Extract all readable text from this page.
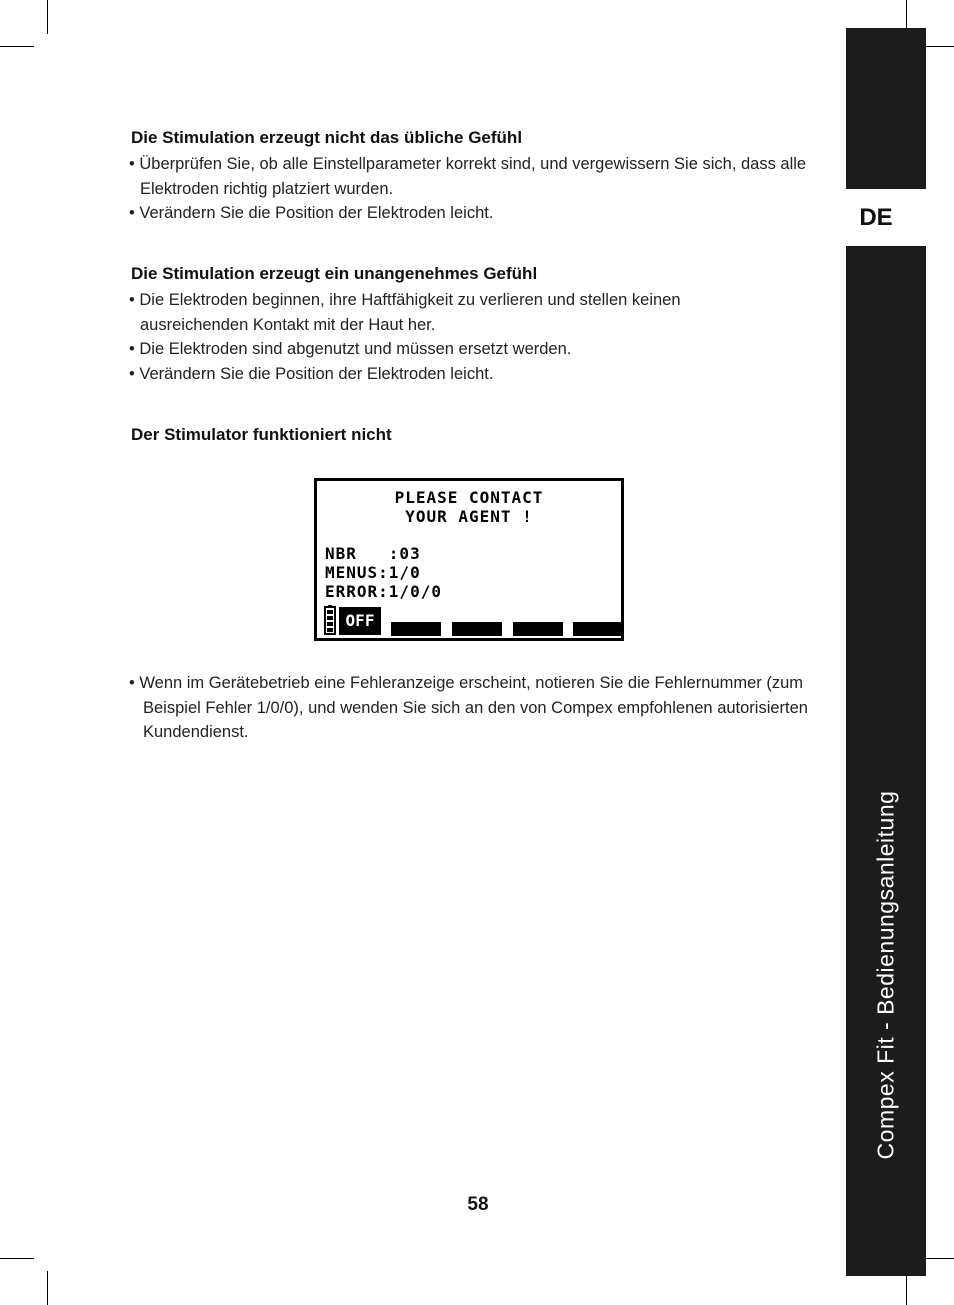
Die Stimulation erzeugt nicht das übliche Gefühl

• Überprüfen Sie, ob alle Einstellparameter korrekt sind, und vergewissern Sie sich, dass alle Elektroden richtig platziert wurden.

• Verändern Sie die Position der Elektroden leicht.

Die Stimulation erzeugt ein unangenehmes Gefühl

• Die Elektroden beginnen, ihre Haftfähigkeit zu verlieren und stellen keinen ausreichenden Kontakt mit der Haut her.

• Die Elektroden sind abgenutzt und müssen ersetzt werden.

• Verändern Sie die Position der Elektroden leicht.

Der Stimulator funktioniert nicht

PLEASE CONTACT

YOUR AGENT !

NBR   :03

MENUS:1/0

ERROR:1/0/0

OFF

• Wenn im Gerätebetrieb eine Fehleranzeige erscheint, notieren Sie die Fehlernummer (zum Beispiel Fehler 1/0/0), und wenden Sie sich an den von Compex empfohlenen autorisierten Kundendienst.

DE
Compex Fit - Bedienungsanleitung
58
